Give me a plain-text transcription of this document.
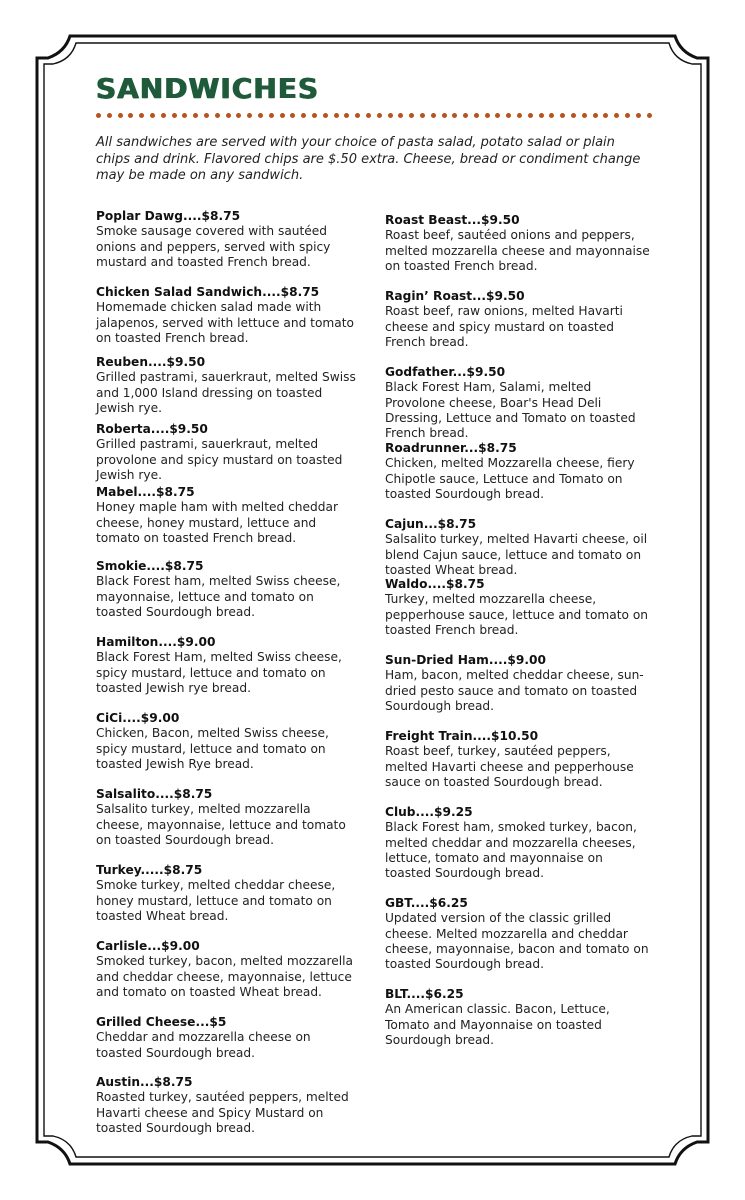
SANDWICHES
All sandwiches are served with your choice of pasta salad, potato salad or plain chips and drink. Flavored chips are $.50 extra. Cheese, bread or condiment change may be made on any sandwich.
Poplar Dawg....$8.75
Smoke sausage covered with sautéed onions and peppers, served with spicy mustard and toasted French bread.
Chicken Salad Sandwich....$8.75
Homemade chicken salad made with jalapenos, served with lettuce and tomato on toasted French bread.
Reuben....$9.50
Grilled pastrami, sauerkraut, melted Swiss and 1,000 Island dressing on toasted Jewish rye.
Roberta....$9.50
Grilled pastrami, sauerkraut, melted provolone and spicy mustard on toasted Jewish rye.
Mabel....$8.75
Honey maple ham with melted cheddar cheese, honey mustard, lettuce and tomato on toasted French bread.
Smokie....$8.75
Black Forest ham, melted Swiss cheese, mayonnaise, lettuce and tomato on toasted Sourdough bread.
Hamilton....$9.00
Black Forest Ham, melted Swiss cheese, spicy mustard, lettuce and tomato on toasted Jewish rye bread.
CiCi....$9.00
Chicken, Bacon, melted Swiss cheese, spicy mustard, lettuce and tomato on toasted Jewish Rye bread.
Salsalito....$8.75
Salsalito turkey, melted mozzarella cheese, mayonnaise, lettuce and tomato on toasted Sourdough bread.
Turkey.....$8.75
Smoke turkey, melted cheddar cheese, honey mustard, lettuce and tomato on toasted Wheat bread.
Carlisle...$9.00
Smoked turkey, bacon, melted mozzarella and cheddar cheese, mayonnaise, lettuce and tomato on toasted Wheat bread.
Grilled Cheese...$5
Cheddar and mozzarella cheese on toasted Sourdough bread.
Austin...$8.75
Roasted turkey, sautéed peppers, melted Havarti cheese and Spicy Mustard on toasted Sourdough bread.
Roast Beast...$9.50
Roast beef, sautéed onions and peppers, melted mozzarella cheese and mayonnaise on toasted French bread.
Ragin’ Roast...$9.50
Roast beef, raw onions, melted Havarti cheese and spicy mustard on toasted French bread.
Godfather...$9.50
Black Forest Ham, Salami, melted Provolone cheese, Boar's Head Deli Dressing, Lettuce and Tomato on toasted French bread.
Roadrunner...$8.75
Chicken, melted Mozzarella cheese, fiery Chipotle sauce, Lettuce and Tomato on toasted Sourdough bread.
Cajun...$8.75
Salsalito turkey, melted Havarti cheese, oil blend Cajun sauce, lettuce and tomato on toasted Wheat bread.
Waldo....$8.75
Turkey, melted mozzarella cheese, pepperhouse sauce, lettuce and tomato on toasted French bread.
Sun-Dried Ham....$9.00
Ham, bacon, melted cheddar cheese, sun-dried pesto sauce and tomato on toasted Sourdough bread.
Freight Train....$10.50
Roast beef, turkey, sautéed peppers, melted Havarti cheese and pepperhouse sauce on toasted Sourdough bread.
Club....$9.25
Black Forest ham, smoked turkey, bacon, melted cheddar and mozzarella cheeses, lettuce, tomato and mayonnaise on toasted Sourdough bread.
GBT....$6.25
Updated version of the classic grilled cheese. Melted mozzarella and cheddar cheese, mayonnaise, bacon and tomato on toasted Sourdough bread.
BLT....$6.25
An American classic. Bacon, Lettuce, Tomato and Mayonnaise on toasted Sourdough bread.
